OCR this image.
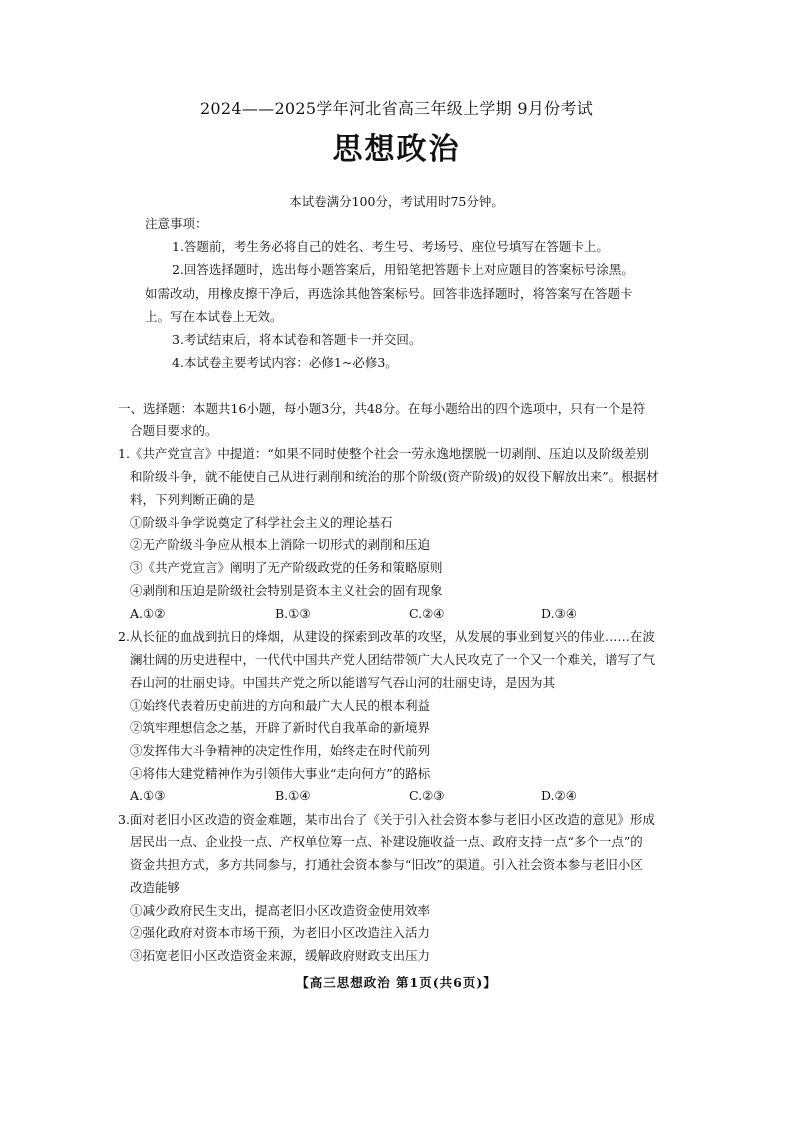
2024——2025学年河北省高三年级上学期 9月份考试
思想政治
本试卷满分100分，考试用时75分钟。
注意事项：
1.答题前，考生务必将自己的姓名、考生号、考场号、座位号填写在答题卡上。
2.回答选择题时，选出每小题答案后，用铅笔把答题卡上对应题目的答案标号涂黑。
如需改动，用橡皮擦干净后，再选涂其他答案标号。回答非选择题时，将答案写在答题卡
上。写在本试卷上无效。
3.考试结束后，将本试卷和答题卡一并交回。
4.本试卷主要考试内容：必修1~必修3。
一、选择题：本题共16小题，每小题3分，共48分。在每小题给出的四个选项中，只有一个是符
合题目要求的。
1.《共产党宣言》中提道：“如果不同时使整个社会一劳永逸地摆脱一切剥削、压迫以及阶级差别
和阶级斗争，就不能使自己从进行剥削和统治的那个阶级(资产阶级)的奴役下解放出来”。根据材
料，下列判断正确的是
①阶级斗争学说奠定了科学社会主义的理论基石
②无产阶级斗争应从根本上消除一切形式的剥削和压迫
③《共产党宣言》阐明了无产阶级政党的任务和策略原则
④剥削和压迫是阶级社会特别是资本主义社会的固有现象
A.①②	B.①③	C.②④	D.③④
2.从长征的血战到抗日的烽烟，从建设的探索到改革的攻坚，从发展的事业到复兴的伟业……在波
澜壮阔的历史进程中，一代代中国共产党人团结带领广大人民攻克了一个又一个难关，谱写了气
吞山河的壮丽史诗。中国共产党之所以能谱写气吞山河的壮丽史诗，是因为其
①始终代表着历史前进的方向和最广大人民的根本利益
②筑牢理想信念之基，开辟了新时代自我革命的新境界
③发挥伟大斗争精神的决定性作用，始终走在时代前列
④将伟大建党精神作为引领伟大事业“走向何方”的路标
A.①③	B.①④	C.②③	D.②④
3.面对老旧小区改造的资金难题，某市出台了《关于引入社会资本参与老旧小区改造的意见》形成
居民出一点、企业投一点、产权单位筹一点、补建设施收益一点、政府支持一点“多个一点”的
资金共担方式，多方共同参与，打通社会资本参与“旧改”的渠道。引入社会资本参与老旧小区
改造能够
①减少政府民生支出，提高老旧小区改造资金使用效率
②强化政府对资本市场干预，为老旧小区改造注入活力
③拓宽老旧小区改造资金来源，缓解政府财政支出压力
【高三思想政治 第1页(共6页)】
